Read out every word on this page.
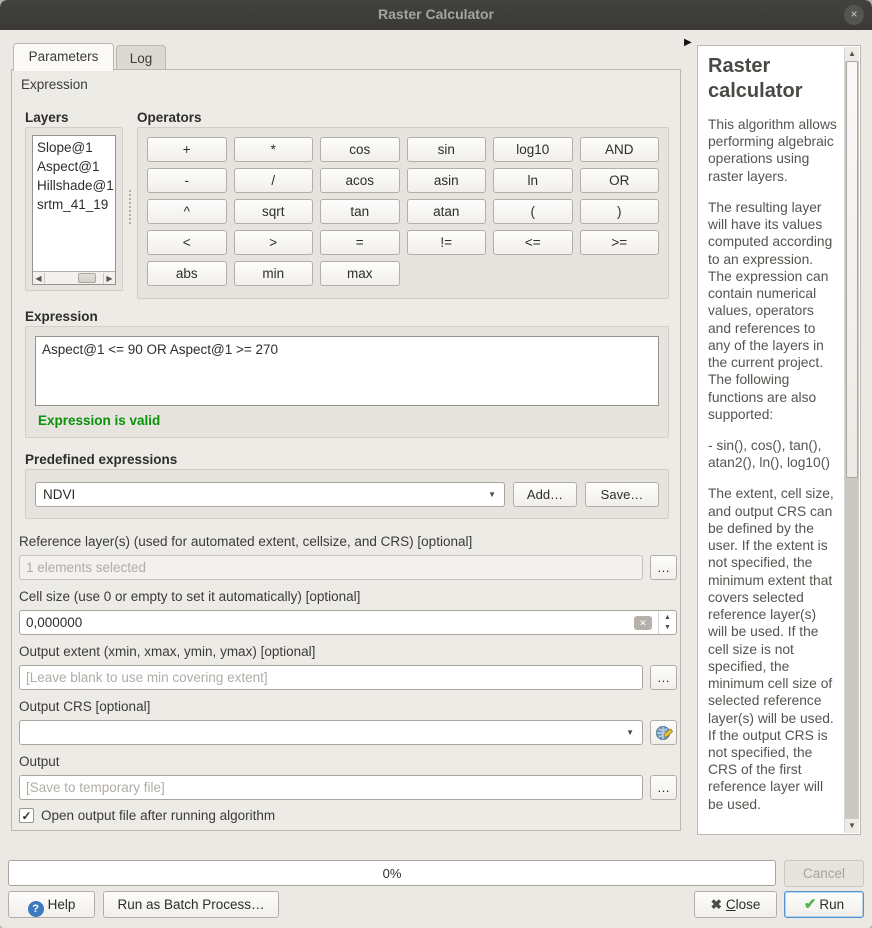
Raster Calculator	×
Parameters	Log
▶
Expression
Layers
Slope@1
Aspect@1
Hillshade@1
srtm_41_19
◀	▶
Operators
+	*	cos	sin	log10	AND
-	/	acos	asin	ln	OR
^	sqrt	tan	atan	(	)
<	>	=	!=	<=	>=
abs	min	max
Expression
Aspect@1 <= 90 OR Aspect@1 >= 270
Expression is valid
Predefined expressions
NDVI	▼	Add…	Save…
Reference layer(s) (used for automated extent, cellsize, and CRS) [optional]
1 elements selected
…
Cell size (use 0 or empty to set it automatically) [optional]
0,000000
✕
▲
▼
Output extent (xmin, xmax, ymin, ymax) [optional]
[Leave blank to use min covering extent]
…
Output CRS [optional]
▼
Output
[Save to temporary file]
…
✓ Open output file after running algorithm
Raster calculator

This algorithm allows performing algebraic operations using raster layers.

The resulting layer will have its values computed according to an expression. The expression can contain numerical values, operators and references to any of the layers in the current project. The following functions are also supported:

- sin(), cos(), tan(), atan2(), ln(), log10()

The extent, cell size, and output CRS can be defined by the user. If the extent is not specified, the minimum extent that covers selected reference layer(s) will be used. If the cell size is not specified, the minimum cell size of selected reference layer(s) will be used. If the output CRS is not specified, the CRS of the first reference layer will be used.

▲
▼
0%	Cancel
? Help	Run as Batch Process…	✖ Close	✔ Run
